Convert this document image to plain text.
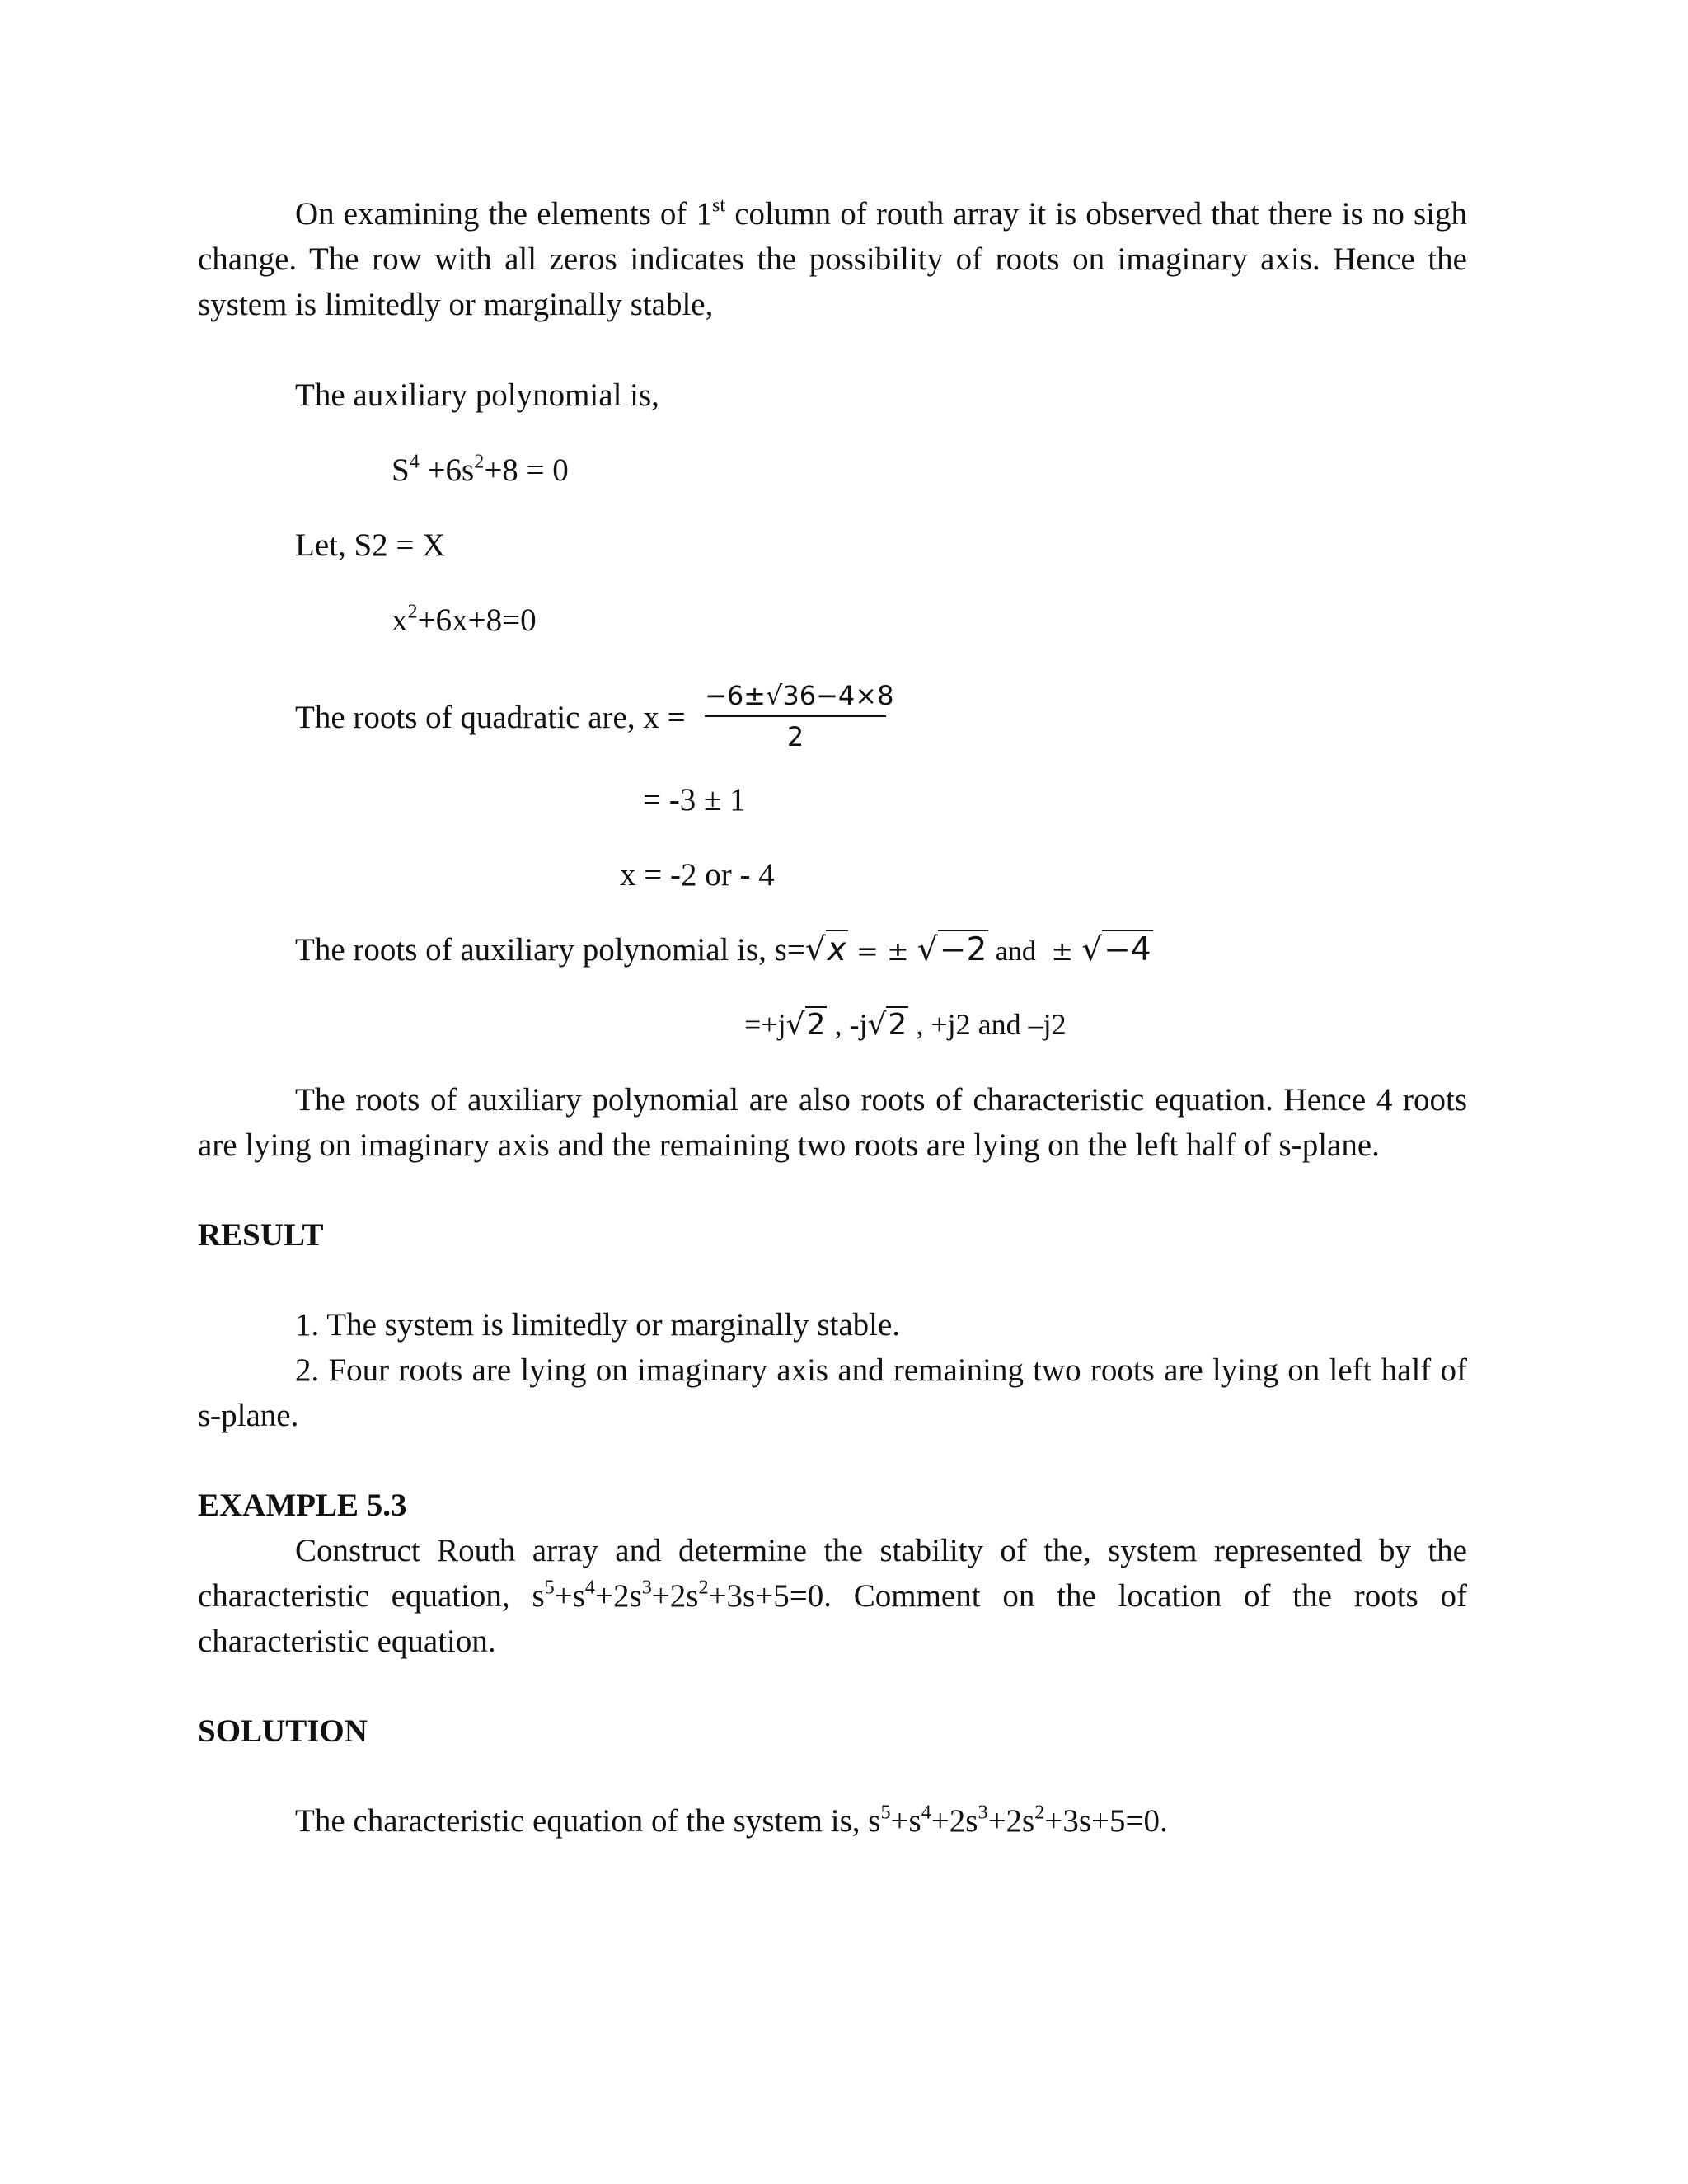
On examining the elements of 1st column of routh array it is observed that there is no sigh change. The row with all zeros indicates the possibility of roots on imaginary axis. Hence the system is limitedly or marginally stable,

The auxiliary polynomial is,
$S^4 +6s^2+8 = 0$
Let, S2 = X
$x^2+6x+8=0$
The roots of quadratic are, x =
−6±√36−4×8
2
= -3 ± 1
x = -2 or - 4
The roots of auxiliary polynomial is, s=√x = ± √−2 and ± √−4
=+j√2 , -j√2 , +j2 and –j2

The roots of auxiliary polynomial are also roots of characteristic equation. Hence 4 roots are lying on imaginary axis and the remaining two roots are lying on the left half of s-plane.

RESULT
1. The system is limitedly or marginally stable.

2. Four roots are lying on imaginary axis and remaining two roots are lying on left half of s-plane.

EXAMPLE 5.3

Construct Routh array and determine the stability of the, system represented by the characteristic equation, $s^5+s^4+2s^3+2s^2+3s+5=0$. Comment on the location of the roots of characteristic equation.

SOLUTION
The characteristic equation of the system is, $s^5+s^4+2s^3+2s^2+3s+5=0$.
